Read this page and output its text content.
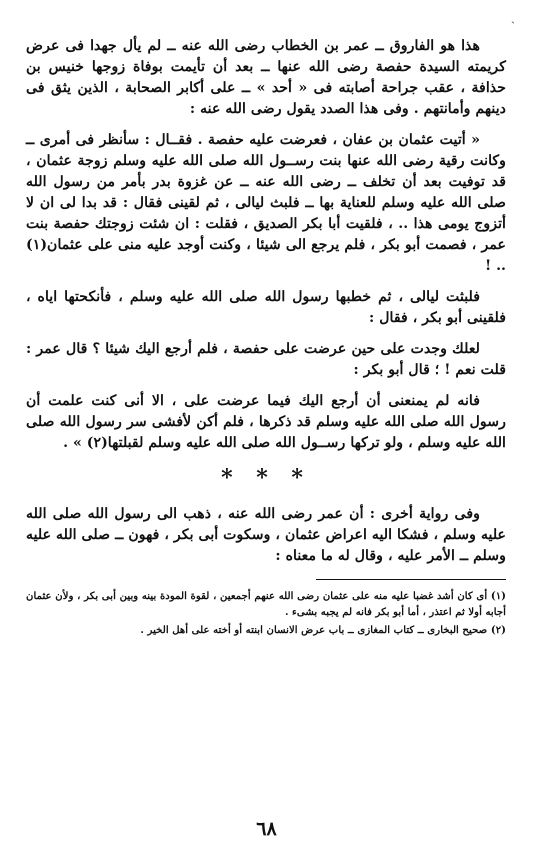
ˎ

هذا هو الفاروق ــ عمر بن الخطاب رضى الله عنه ــ لم يأل جهدا فى عرض كريمته السيدة حفصة رضى الله عنها ــ بعد أن تأيمت بوفاة زوجها خنيس بن حذافة ، عقب جراحة أصابته فى « أحد » ــ على أكابر الصحابة ، الذين يثق فى دينهم وأمانتهم . وفى هذا الصدد يقول رضى الله عنه :

« أتيت عثمان بن عفان ، فعرضت عليه حفصة . فقــال : سأنظر فى أمرى ــ وكانت رقية رضى الله عنها بنت رســول الله صلى الله عليه وسلم زوجة عثمان ، قد توفيت بعد أن تخلف ــ رضى الله عنه ــ عن غزوة بدر بأمر من رسول الله صلى الله عليه وسلم للعناية بها ــ فلبث ليالى ، ثم لقينى فقال : قد بدا لى ان لا أتزوج يومى هذا .. ، فلقيت أبا بكر الصديق ، فقلت : ان شئت زوجتك حفصة بنت عمر ، فصمت أبو بكر ، فلم يرجع الى شيئا ، وكنت أوجد عليه منى على عثمان(١) .. !

فلبثت ليالى ، ثم خطبها رسول الله صلى الله عليه وسلم ، فأنكحتها اياه ، فلقينى أبو بكر ، فقال :

لعلك وجدت على حين عرضت على حفصة ، فلم أرجع اليك شيئا ؟ قال عمر : قلت نعم ! ؛ قال أبو بكر :

فانه لم يمنعنى أن أرجع اليك فيما عرضت على ، الا أنى كنت علمت أن رسول الله صلى الله عليه وسلم قد ذكرها ، فلم أكن لأفشى سر رسول الله صلى الله عليه وسلم ، ولو تركها رســول الله صلى الله عليه وسلم لقبلتها(٢) » .

* * *

وفى رواية أخرى : أن عمر رضى الله عنه ، ذهب الى رسول الله صلى الله عليه وسلم ، فشكا اليه اعراض عثمان ، وسكوت أبى بكر ، فهون ــ صلى الله عليه وسلم ــ الأمر عليه ، وقال له ما معناه :

(١) أى كان أشد غضبا عليه منه على عثمان رضى الله عنهم أجمعين ، لقوة المودة بينه وبين أبى بكر ، ولأن عثمان أجابه أولا ثم اعتذر ، أما أبو بكر فانه لم يجبه بشىء .

(٢) صحيح البخارى ــ كتاب المغازى ــ باب عرض الانسان ابنته أو أخته على أهل الخير .

٦٨
